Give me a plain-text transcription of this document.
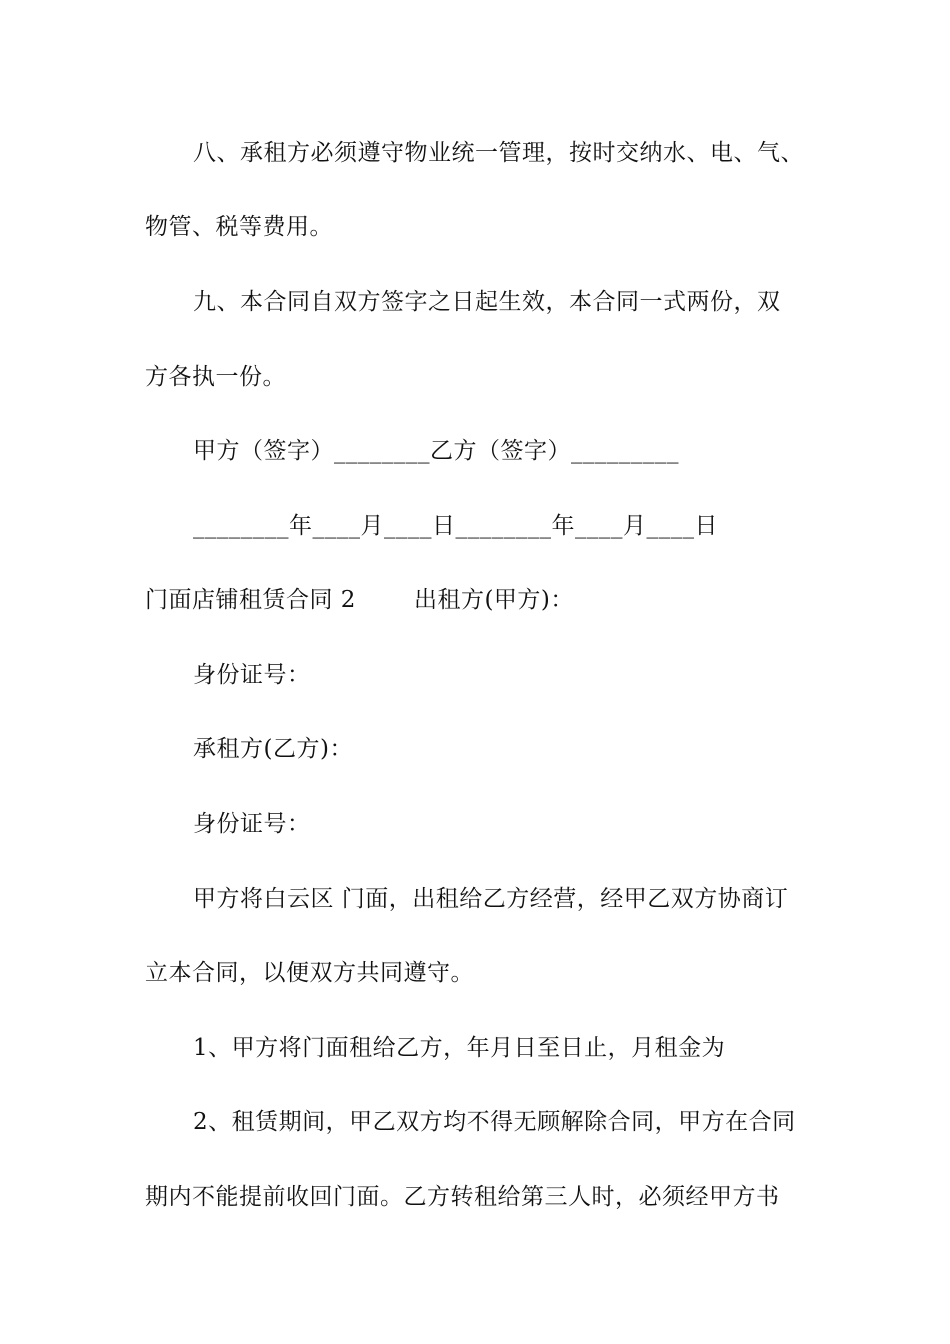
八、承租方必须遵守物业统一管理，按时交纳水、电、气、
物管、税等费用。
九、本合同自双方签字之日起生效，本合同一式两份，双
方各执一份。
甲方（签字）________乙方（签字）_________
________年____月____日________年____月____日
门面店铺租赁合同 2	出租方(甲方)：
身份证号：
承租方(乙方)：
身份证号：
甲方将白云区 门面，出租给乙方经营，经甲乙双方协商订
立本合同，以便双方共同遵守。
1、甲方将门面租给乙方，年月日至日止，月租金为
2、租赁期间，甲乙双方均不得无顾解除合同，甲方在合同
期内不能提前收回门面。乙方转租给第三人时，必须经甲方书
